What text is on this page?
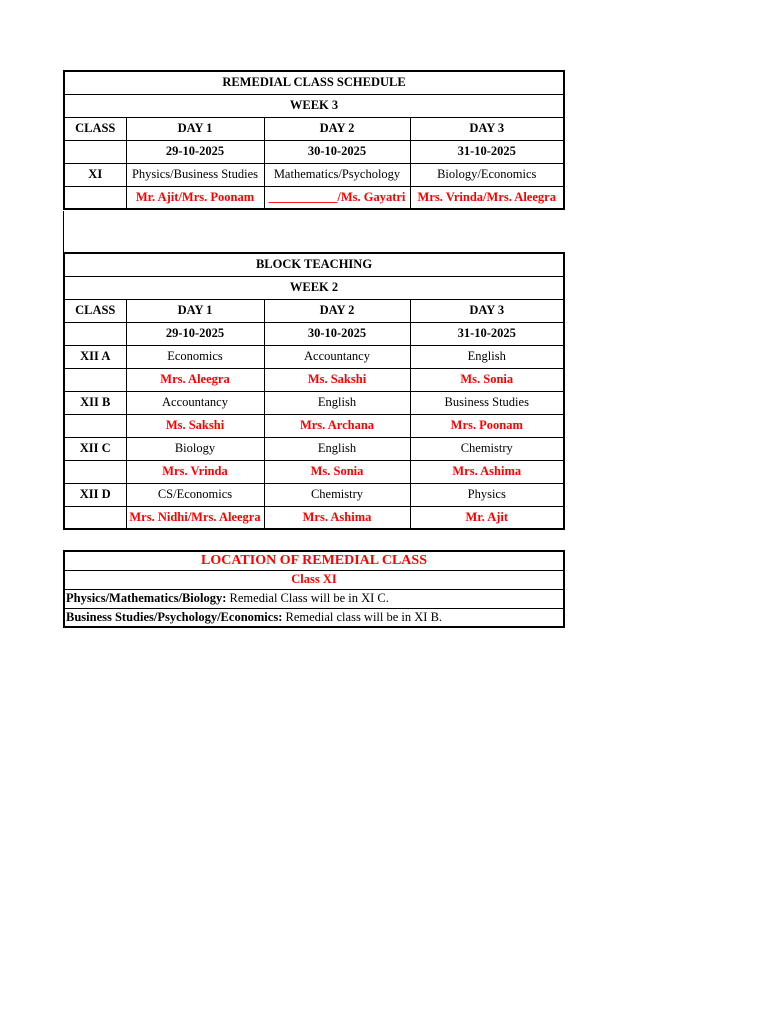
REMEDIAL CLASS SCHEDULE			
WEEK 3			
CLASS	DAY 1	DAY 2	DAY 3
	29-10-2025	30-10-2025	31-10-2025
XI	Physics/Business Studies	Mathematics/Psychology	Biology/Economics
	Mr. Ajit/Mrs. Poonam	___________/Ms. Gayatri	Mrs. Vrinda/Mrs. Aleegra
BLOCK TEACHING			
WEEK 2			
CLASS	DAY 1	DAY 2	DAY 3
	29-10-2025	30-10-2025	31-10-2025
XII A	Economics	Accountancy	English
	Mrs. Aleegra	Ms. Sakshi	Ms. Sonia
XII B	Accountancy	English	Business Studies
	Ms. Sakshi	Mrs. Archana	Mrs. Poonam
XII C	Biology	English	Chemistry
	Mrs. Vrinda	Ms. Sonia	Mrs. Ashima
XII D	CS/Economics	Chemistry	Physics
	Mrs. Nidhi/Mrs. Aleegra	Mrs. Ashima	Mr. Ajit
LOCATION OF REMEDIAL CLASS
Class XI
Physics/Mathematics/Biology: Remedial Class will be in XI C.
Business Studies/Psychology/Economics: Remedial class will be in XI B.
